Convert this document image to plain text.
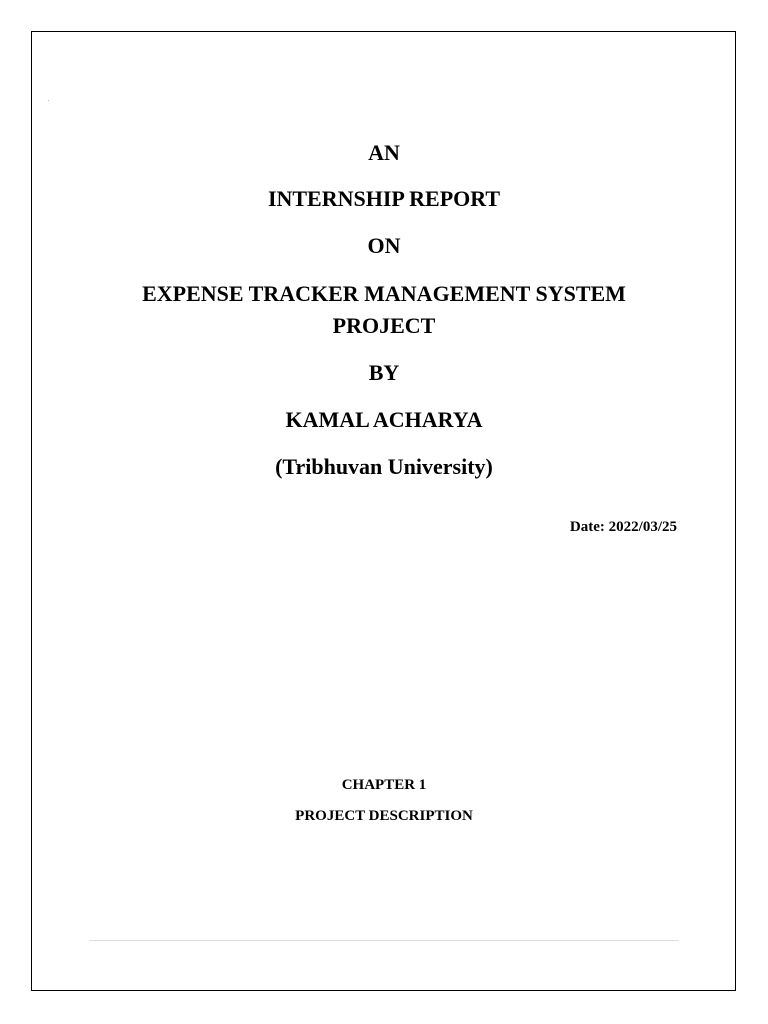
AN
INTERNSHIP REPORT
ON
EXPENSE TRACKER MANAGEMENT SYSTEM
PROJECT
BY
KAMAL ACHARYA
(Tribhuvan University)
Date: 2022/03/25
CHAPTER 1
PROJECT DESCRIPTION
